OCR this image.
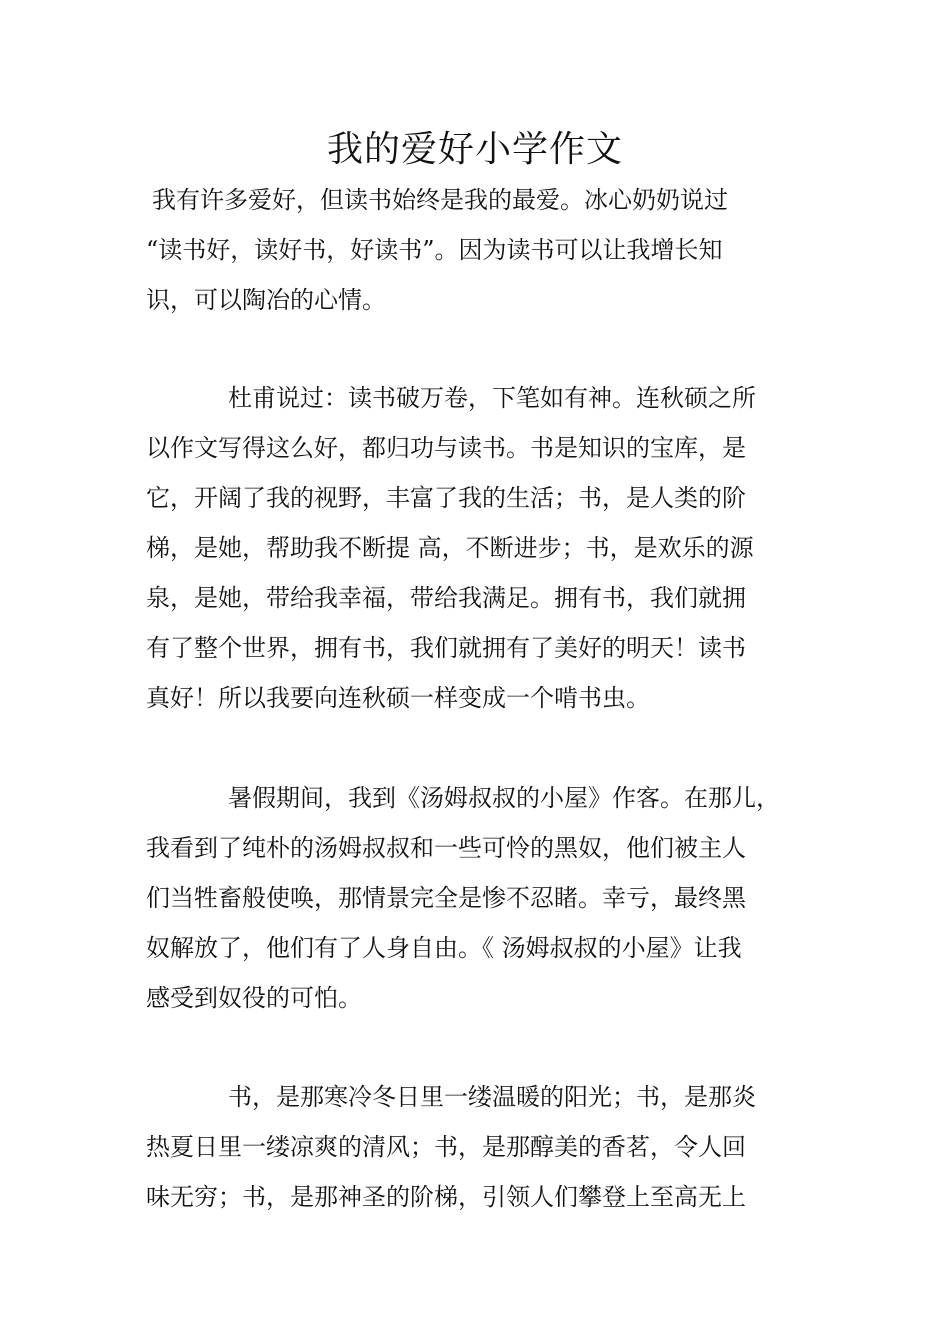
我的爱好小学作文

我有许多爱好，但读书始终是我的最爱。冰心奶奶说过

“读书好，读好书，好读书”。因为读书可以让我增长知

识，可以陶冶的心情。

杜甫说过：读书破万卷，下笔如有神。连秋硕之所

以作文写得这么好，都归功与读书。书是知识的宝库，是

它，开阔了我的视野，丰富了我的生活；书，是人类的阶

梯，是她，帮助我不断提 高，不断进步；书，是欢乐的源

泉，是她，带给我幸福，带给我满足。拥有书，我们就拥

有了整个世界，拥有书，我们就拥有了美好的明天！读书

真好！所以我要向连秋硕一样变成一个啃书虫。

暑假期间，我到《汤姆叔叔的小屋》作客。在那儿，

我看到了纯朴的汤姆叔叔和一些可怜的黑奴，他们被主人

们当牲畜般使唤，那情景完全是惨不忍睹。幸亏，最终黑

奴解放了，他们有了人身自由。《 汤姆叔叔的小屋》让我

感受到奴役的可怕。

书，是那寒冷冬日里一缕温暖的阳光；书，是那炎

热夏日里一缕凉爽的清风；书，是那醇美的香茗，令人回

味无穷；书，是那神圣的阶梯，引领人们攀登上至高无上
